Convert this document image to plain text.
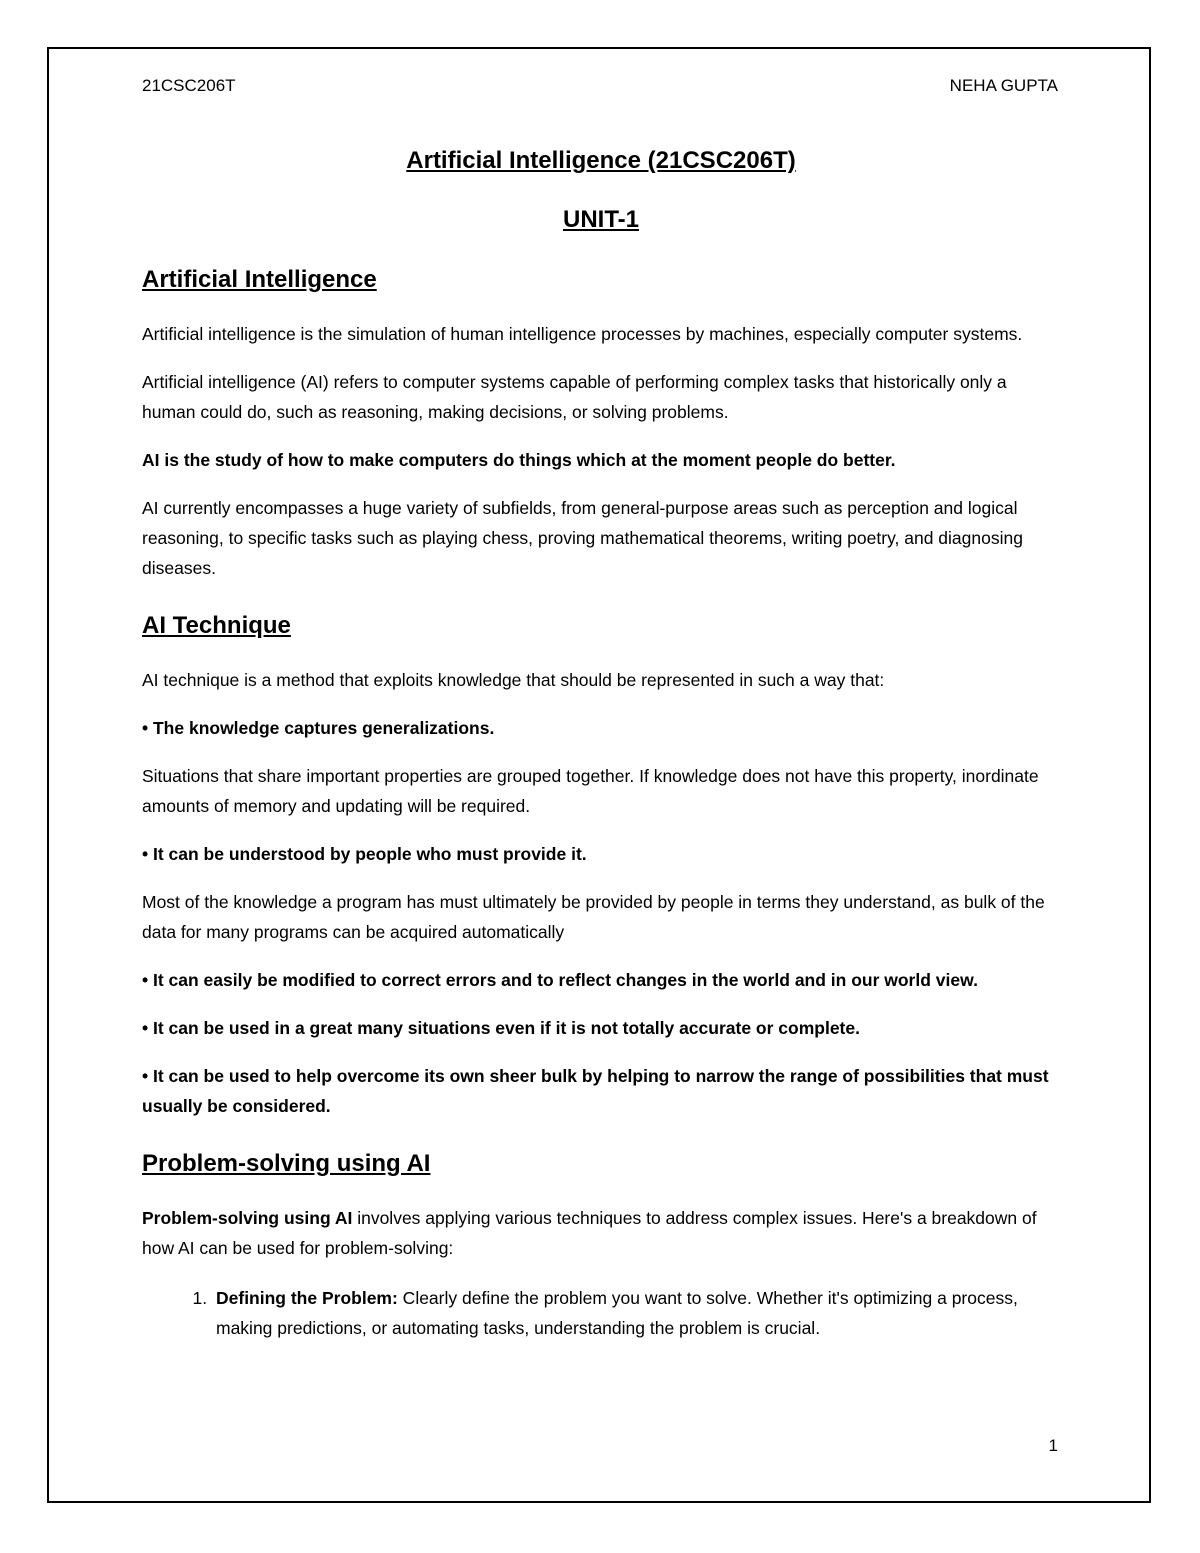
21CSC206T	NEHA GUPTA
Artificial Intelligence (21CSC206T)
UNIT-1
Artificial Intelligence

Artificial intelligence is the simulation of human intelligence processes by machines, especially computer systems.

Artificial intelligence (AI) refers to computer systems capable of performing complex tasks that historically only a human could do, such as reasoning, making decisions, or solving problems.

AI is the study of how to make computers do things which at the moment people do better.

AI currently encompasses a huge variety of subfields, from general-purpose areas such as perception and logical reasoning, to specific tasks such as playing chess, proving mathematical theorems, writing poetry, and diagnosing diseases.

AI Technique

AI technique is a method that exploits knowledge that should be represented in such a way that:

• The knowledge captures generalizations.

Situations that share important properties are grouped together. If knowledge does not have this property, inordinate amounts of memory and updating will be required.

• It can be understood by people who must provide it.

Most of the knowledge a program has must ultimately be provided by people in terms they understand, as bulk of the data for many programs can be acquired automatically

• It can easily be modified to correct errors and to reflect changes in the world and in our world view.

• It can be used in a great many situations even if it is not totally accurate or complete.

• It can be used to help overcome its own sheer bulk by helping to narrow the range of possibilities that must usually be considered.

Problem-solving using AI

Problem-solving using AI involves applying various techniques to address complex issues. Here's a breakdown of how AI can be used for problem-solving:

1. Defining the Problem: Clearly define the problem you want to solve. Whether it's optimizing a process, making predictions, or automating tasks, understanding the problem is crucial.
1
